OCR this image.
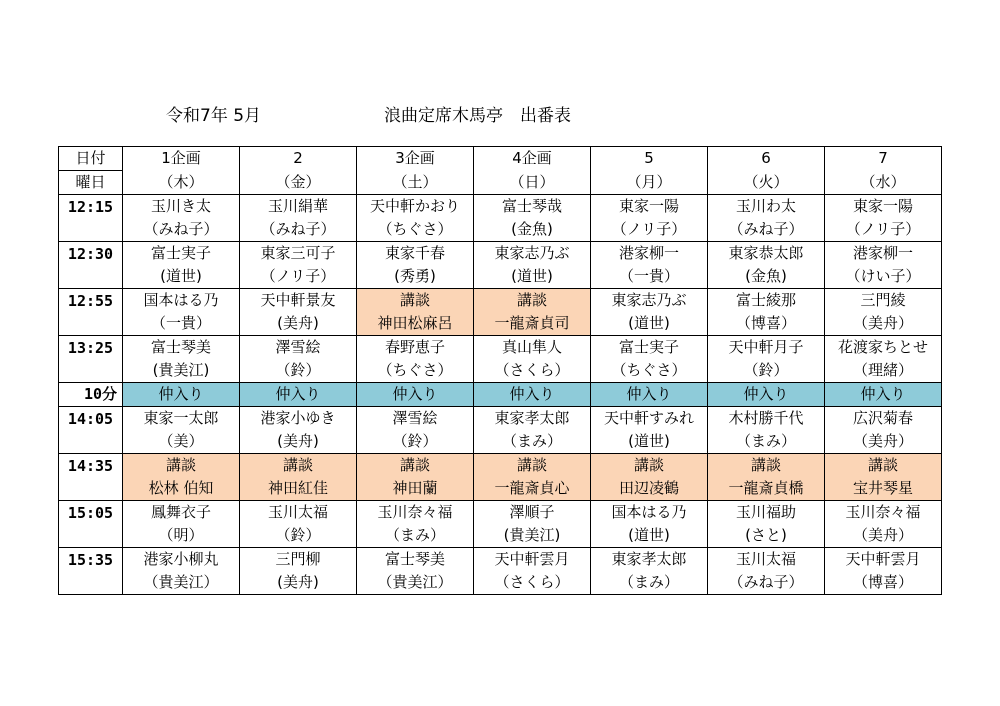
令和7年 5月	浪曲定席木馬亭　出番表
日付	1企画	2	3企画	4企画	5	6	7
曜日	（木）	（金）	（土）	（日）	（月）	（火）	（水）
12:15	玉川き太	玉川絹華	天中軒かおり	富士琴哉	東家一陽	玉川わ太	東家一陽
	（みね子）	（みね子）	（ちぐさ）	(金魚)	（ノリ子）	（みね子）	（ノリ子）
12:30	富士実子	東家三可子	東家千春	東家志乃ぶ	港家柳一	東家恭太郎	港家柳一
	(道世)	（ノリ子）	(秀勇)	(道世)	（一貴）	(金魚)	（けい子）
12:55	国本はる乃	天中軒景友	講談	講談	東家志乃ぶ	富士綾那	三門綾
	（一貴）	(美舟)	神田松麻呂	一龍斎貞司	(道世)	（博喜）	（美舟）
13:25	富士琴美	澤雪絵	春野恵子	真山隼人	富士実子	天中軒月子	花渡家ちとせ
	(貴美江)	（鈴）	（ちぐさ）	（さくら）	（ちぐさ）	（鈴）	（理緒）
10分	仲入り	仲入り	仲入り	仲入り	仲入り	仲入り	仲入り
14:05	東家一太郎	港家小ゆき	澤雪絵	東家孝太郎	天中軒すみれ	木村勝千代	広沢菊春
	（美）	(美舟)	（鈴）	（まみ）	(道世)	（まみ）	（美舟）
14:35	講談	講談	講談	講談	講談	講談	講談
	松林 伯知	神田紅佳	神田蘭	一龍斎貞心	田辺凌鶴	一龍斎貞橋	宝井琴星
15:05	鳳舞衣子	玉川太福	玉川奈々福	澤順子	国本はる乃	玉川福助	玉川奈々福
	（明）	（鈴）	（まみ）	(貴美江)	(道世)	(さと)	（美舟）
15:35	港家小柳丸	三門柳	富士琴美	天中軒雲月	東家孝太郎	玉川太福	天中軒雲月
	（貴美江）	(美舟)	（貴美江）	（さくら）	（まみ）	（みね子）	（博喜）
